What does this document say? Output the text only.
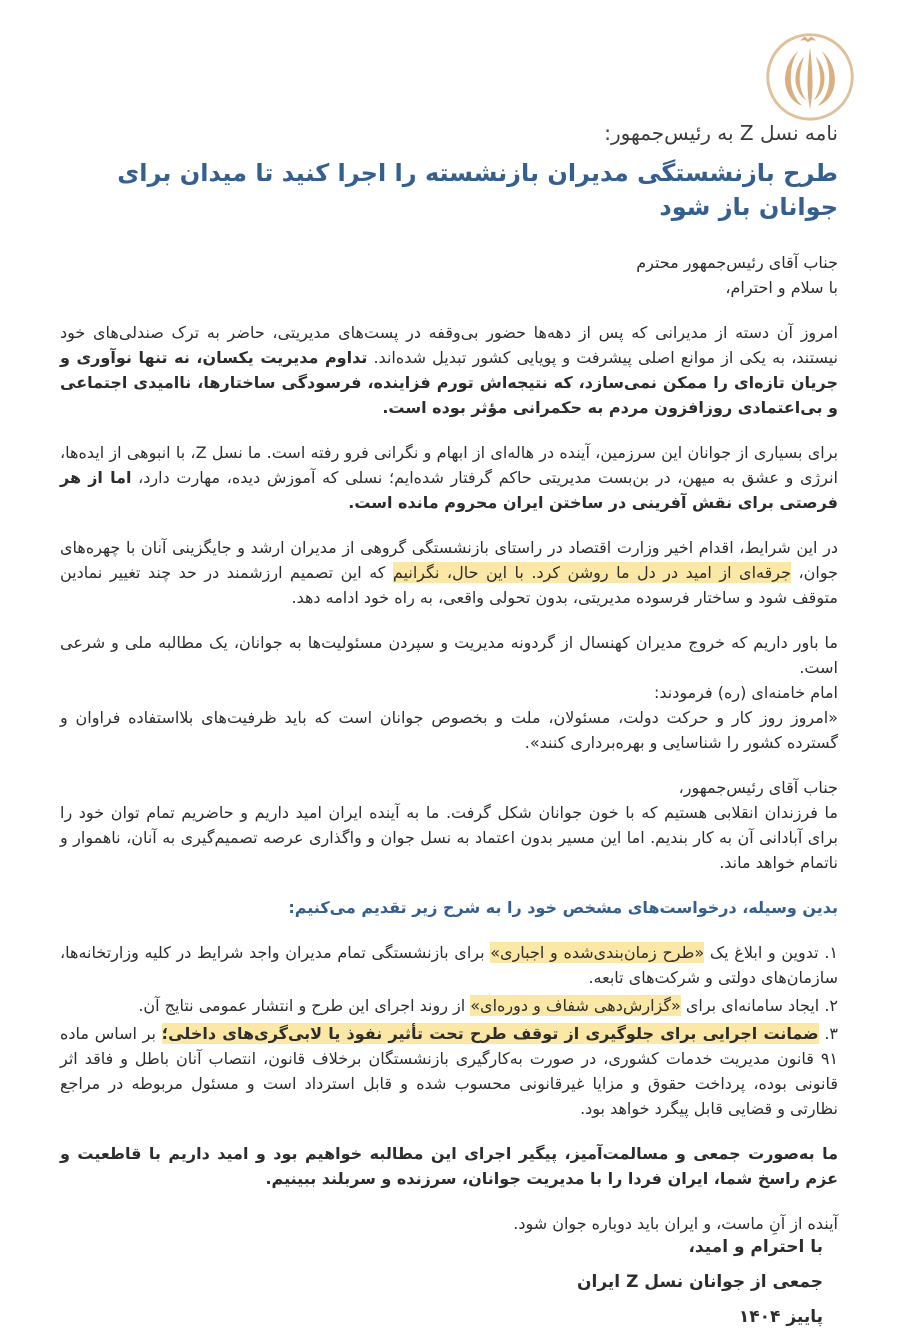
نامه نسل Z به رئیس‌جمهور:
طرح بازنشستگی مدیران بازنشسته را اجرا کنید تا میدان برای جوانان باز شود
جناب آقای رئیس‌جمهور محترم
با سلام و احترام،

امروز آن دسته از مدیرانی که پس از دهه‌ها حضور بی‌وقفه در پست‌های مدیریتی، حاضر به ترک صندلی‌های خود نیستند، به یکی از موانع اصلی پیشرفت و پویایی کشور تبدیل شده‌اند. تداوم مدیریت یکسان، نه تنها نوآوری و جریان تازه‌ای را ممکن نمی‌سازد، که نتیجه‌اش تورم فزاینده، فرسودگی ساختارها، ناامیدی اجتماعی و بی‌اعتمادی روزافزون مردم به حکمرانی مؤثر بوده است.

برای بسیاری از جوانان این سرزمین، آینده در هاله‌ای از ابهام و نگرانی فرو رفته است. ما نسل Z، با انبوهی از ایده‌ها، انرژی و عشق به میهن، در بن‌بست مدیریتی حاکم گرفتار شده‌ایم؛ نسلی که آموزش دیده، مهارت دارد، اما از هر فرصتی برای نقش آفرینی در ساختن ایران محروم مانده است.

در این شرایط، اقدام اخیر وزارت اقتصاد در راستای بازنشستگی گروهی از مدیران ارشد و جایگزینی آنان با چهره‌های جوان، جرقه‌ای از امید در دل ما روشن کرد. با این حال، نگرانیم که این تصمیم ارزشمند در حد چند تغییر نمادین متوقف شود و ساختار فرسوده مدیریتی، بدون تحولی واقعی، به راه خود ادامه دهد.

ما باور داریم که خروج مدیران کهنسال از گردونه مدیریت و سپردن مسئولیت‌ها به جوانان، یک مطالبه ملی و شرعی است.
امام خامنه‌ای (ره) فرمودند:
«امروز روز کار و حرکت دولت، مسئولان، ملت و بخصوص جوانان است که باید ظرفیت‌های بلااستفاده فراوان و گسترده کشور را شناسایی و بهره‌برداری کنند».

جناب آقای رئیس‌جمهور،
ما فرزندان انقلابی هستیم که با خون جوانان شکل گرفت. ما به آینده ایران امید داریم و حاضریم تمام توان خود را برای آبادانی آن به کار بندیم. اما این مسیر بدون اعتماد به نسل جوان و واگذاری عرصه تصمیم‌گیری به آنان، ناهموار و ناتمام خواهد ماند.

بدین وسیله، درخواست‌های مشخص خود را به شرح زیر تقدیم می‌کنیم:

۱. تدوین و ابلاغ یک «طرح زمان‌بندی‌شده و اجباری» برای بازنشستگی تمام مدیران واجد شرایط در کلیه وزارتخانه‌ها، سازمان‌های دولتی و شرکت‌های تابعه.
۲. ایجاد سامانه‌ای برای «گزارش‌دهی شفاف و دوره‌ای» از روند اجرای این طرح و انتشار عمومی نتایج آن.
۳. ضمانت اجرایی برای جلوگیری از توقف طرح تحت تأثیر نفوذ یا لابی‌گری‌های داخلی؛ بر اساس ماده ۹۱ قانون مدیریت خدمات کشوری، در صورت به‌کارگیری بازنشستگان برخلاف قانون، انتصاب آنان باطل و فاقد اثر قانونی بوده، پرداخت حقوق و مزایا غیرقانونی محسوب شده و قابل استرداد است و مسئول مربوطه در مراجع نظارتی و قضایی قابل پیگرد خواهد بود.

ما به‌صورت جمعی و مسالمت‌آمیز، پیگیر اجرای این مطالبه خواهیم بود و امید داریم با قاطعیت و عزم راسخ شما، ایران فردا را با مدیریت جوانان، سرزنده و سربلند ببینیم.

آینده از آنِ ماست، و ایران باید دوباره جوان شود.

با احترام و امید،
جمعی از جوانان نسل Z ایران
پاییز ۱۴۰۴
